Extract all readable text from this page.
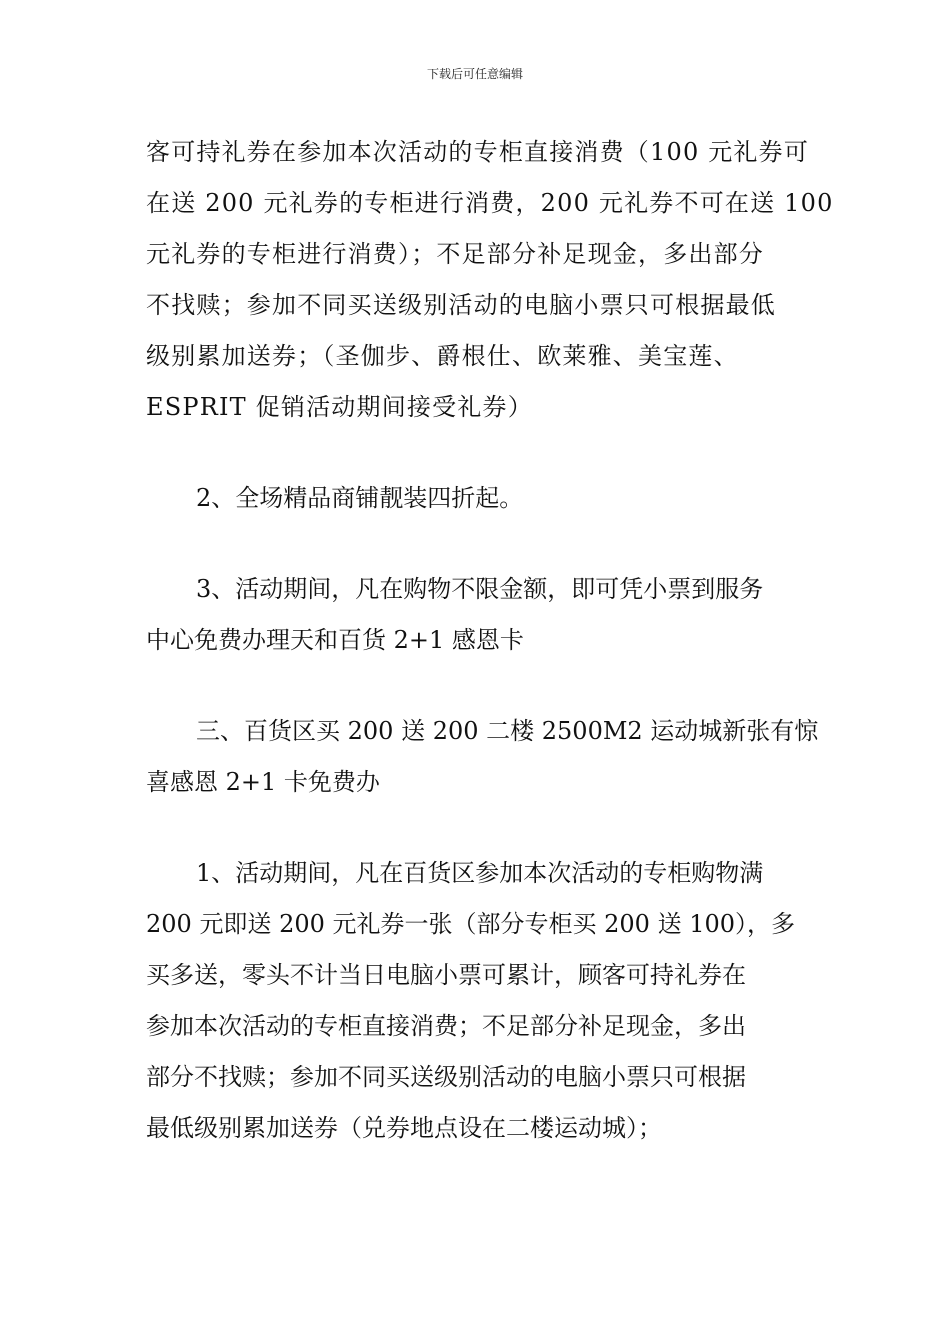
下载后可任意编辑
客可持礼券在参加本次活动的专柜直接消费（100 元礼券可
在送 200 元礼券的专柜进行消费，200 元礼券不可在送 100
元礼券的专柜进行消费）；不足部分补足现金，多出部分
不找赎；参加不同买送级别活动的电脑小票只可根据最低
级别累加送券；（圣伽步、爵根仕、欧莱雅、美宝莲、
ESPRIT 促销活动期间接受礼券）
2、全场精品商铺靓装四折起。
3、活动期间，凡在购物不限金额，即可凭小票到服务
中心免费办理天和百货 2+1 感恩卡
三、百货区买 200 送 200 二楼 2500M2 运动城新张有惊
喜感恩 2+1 卡免费办
1、活动期间，凡在百货区参加本次活动的专柜购物满
200 元即送 200 元礼券一张（部分专柜买 200 送 100），多
买多送，零头不计当日电脑小票可累计，顾客可持礼券在
参加本次活动的专柜直接消费；不足部分补足现金，多出
部分不找赎；参加不同买送级别活动的电脑小票只可根据
最低级别累加送券（兑券地点设在二楼运动城）；
